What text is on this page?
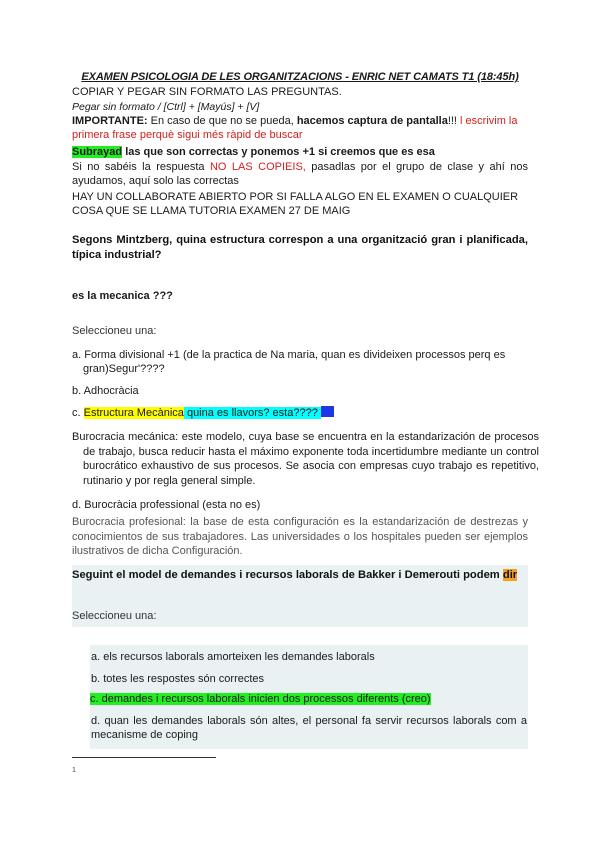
EXAMEN PSICOLOGIA DE LES ORGANITZACIONS - ENRIC NET CAMATS T1 (18:45h)
COPIAR Y PEGAR SIN FORMATO LAS PREGUNTAS.
Pegar sin formato / [Ctrl] + [Mayús] + [V]
IMPORTANTE: En caso de que no se pueda, hacemos captura de pantalla!!! l escrivim la primera frase perquè sigui més ràpid de buscar
Subrayad las que son correctas y ponemos +1 si creemos que es esa
Si no sabéis la respuesta NO LAS COPIEIS, pasadlas por el grupo de clase y ahí nos ayudamos, aquí solo las correctas
HAY UN COLLABORATE ABIERTO POR SI FALLA ALGO EN EL EXAMEN O CUALQUIER COSA QUE SE LLAMA TUTORIA EXAMEN 27 DE MAIG
Segons Mintzberg, quina estructura correspon a una organització gran i planificada, típica industrial?
es la mecanica ???
Seleccioneu una:
a. Forma divisional +1 (de la practica de Na maria, quan es divideixen processos perq es gran)Segur'????
b. Adhocràcia
c. Estructura Mecànica quina es llavors? esta????
Burocracia mecánica: este modelo, cuya base se encuentra en la estandarización de procesos de trabajo, busca reducir hasta el máximo exponente toda incertidumbre mediante un control burocrático exhaustivo de sus procesos. Se asocia con empresas cuyo trabajo es repetitivo, rutinario y por regla general simple.
d. Burocràcia professional (esta no es)
Burocracia profesional: la base de esta configuración es la estandarización de destrezas y conocimientos de sus trabajadores. Las universidades o los hospitales pueden ser ejemplos ilustrativos de dicha Configuración.
Seguint el model de demandes i recursos laborals de Bakker i Demerouti podem dir
Seleccioneu una:
a. els recursos laborals amorteixen les demandes laborals
b. totes les respostes són correctes
c. demandes i recursos laborals inicien dos processos diferents (creo)
d. quan les demandes laborals són altes, el personal fa servir recursos laborals com a mecanisme de coping
1
